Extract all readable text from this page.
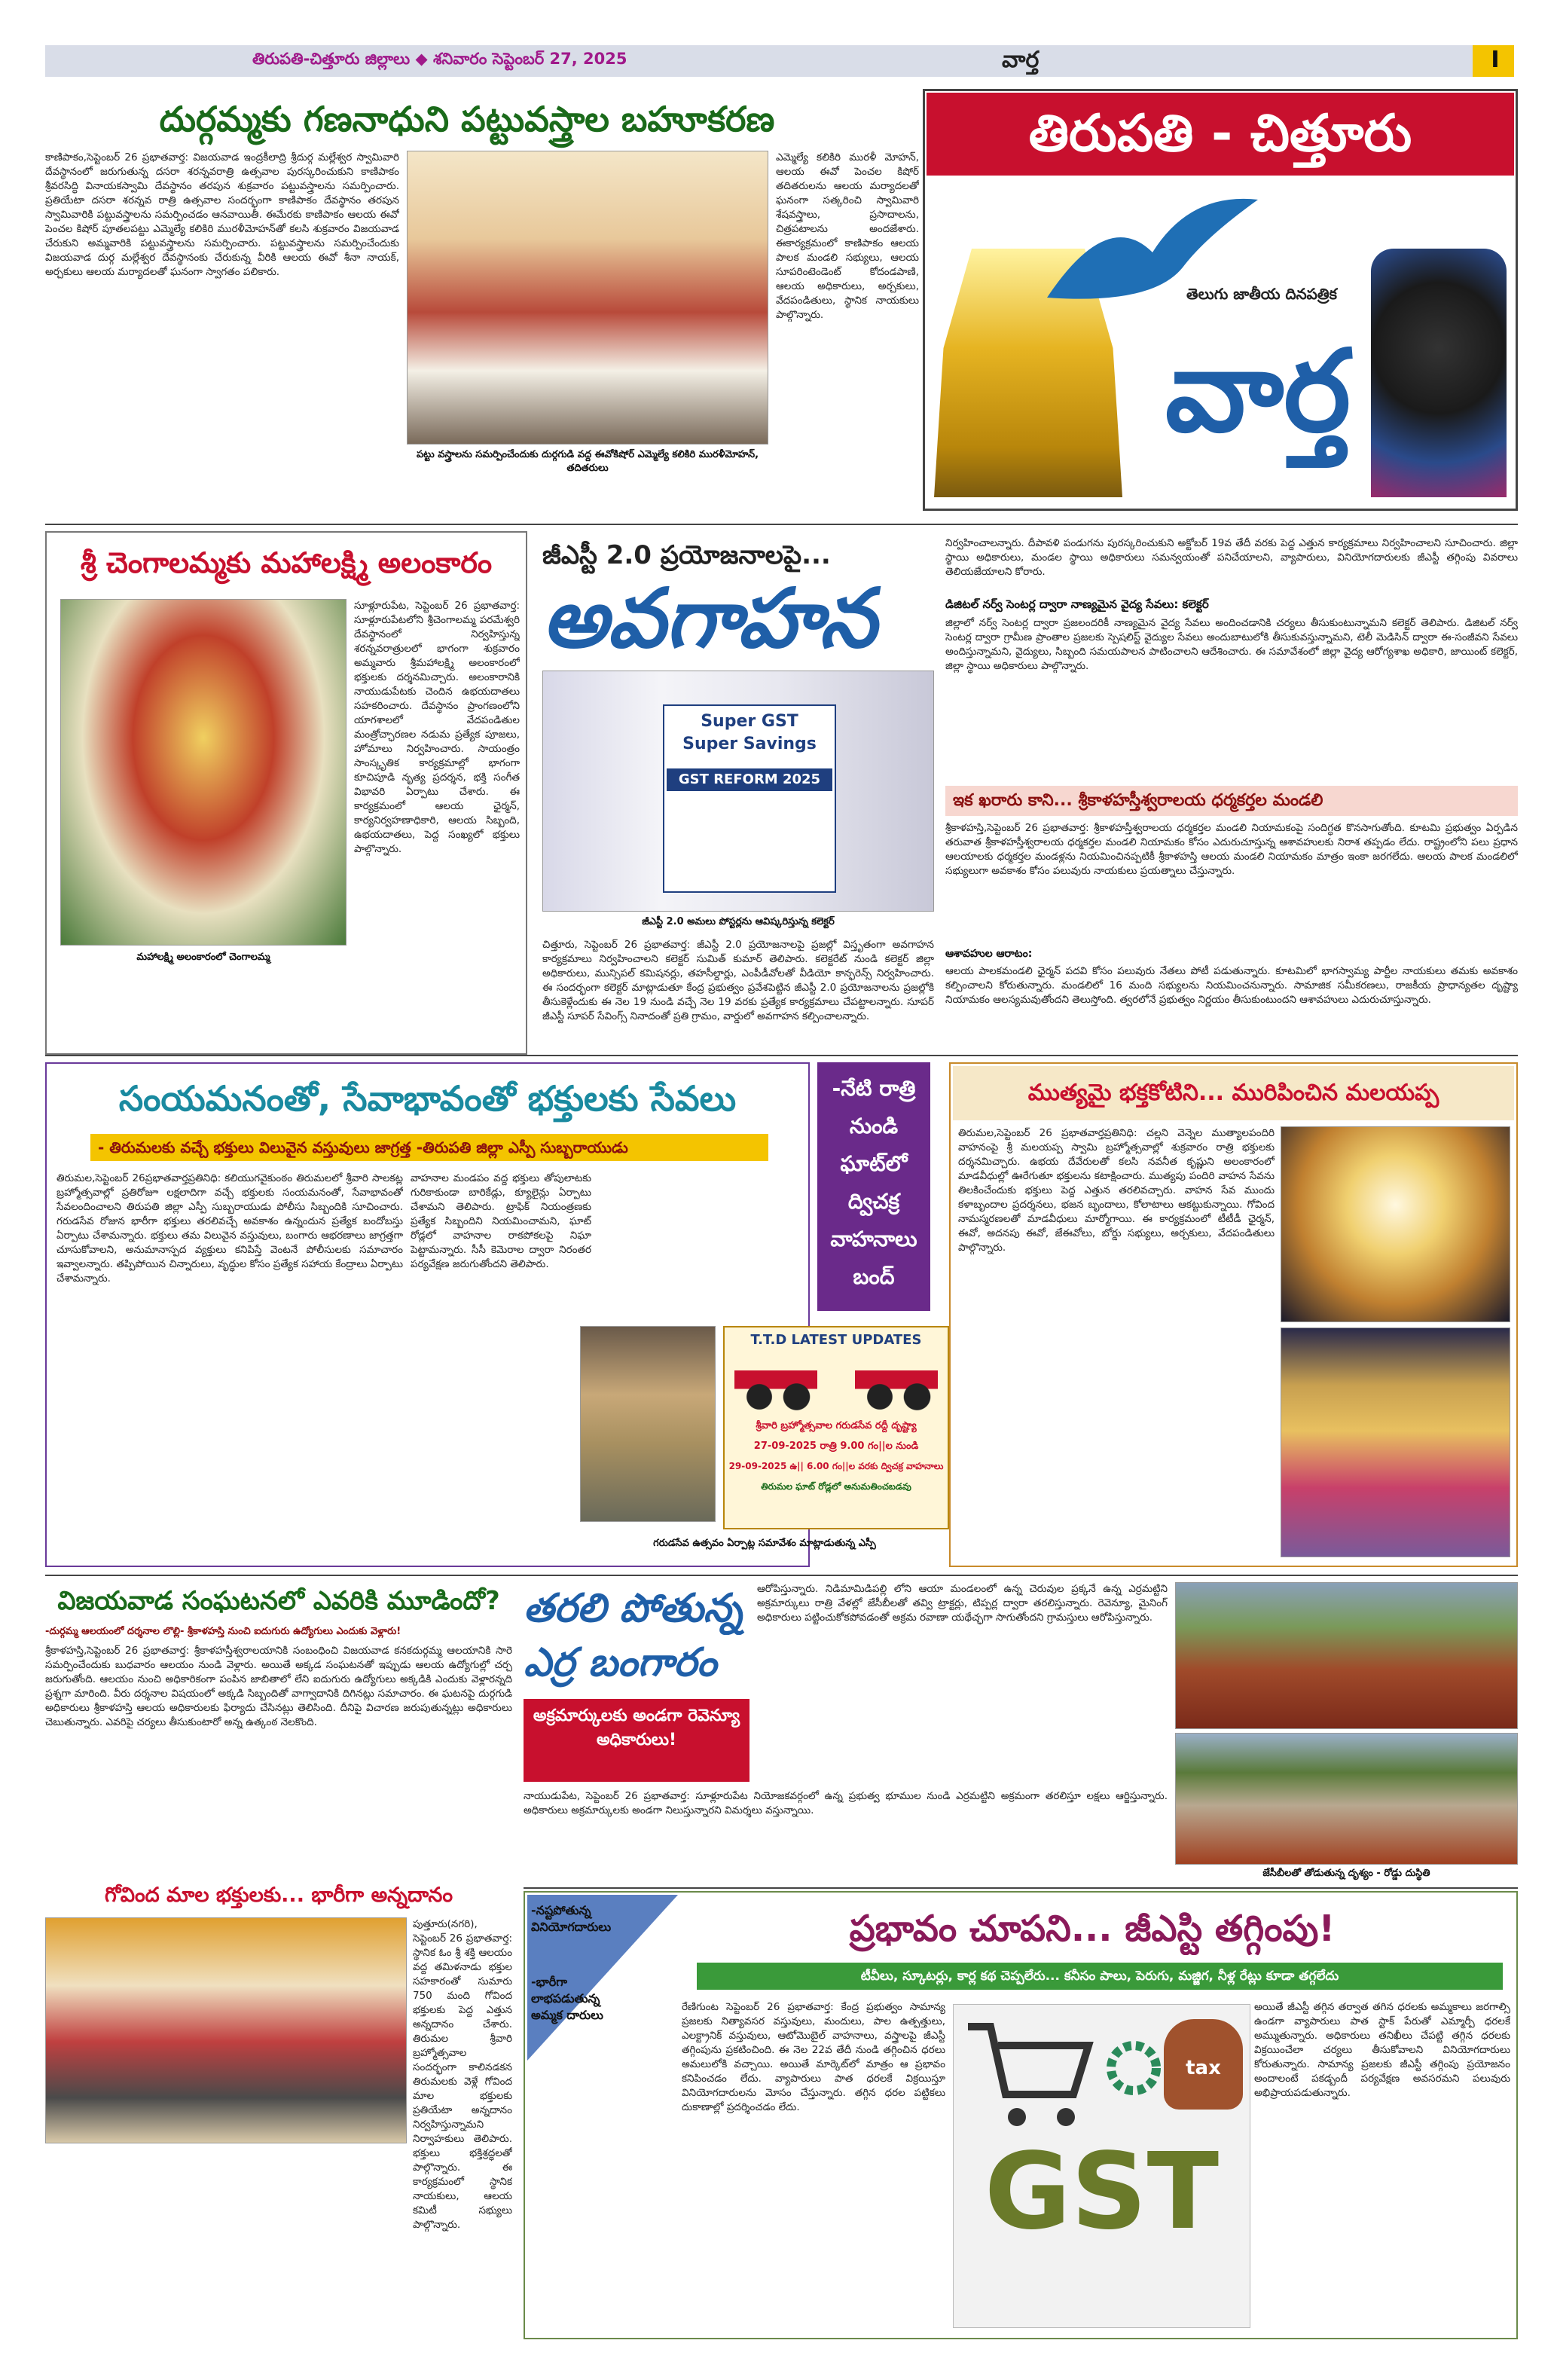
తిరుపతి-చిత్తూరు జిల్లాలు ◆ శనివారం సెప్టెంబర్ 27, 2025	వార్త	I
దుర్గమ్మకు గణనాధుని పట్టువస్త్రాల బహూకరణ
కాణిపాకం,సెప్టెంబర్ 26 ప్రభాతవార్త: విజయవాడ ఇంద్రకీలాద్రి శ్రీదుర్గ మల్లేశ్వర స్వామివారి దేవస్థానంలో జరుగుతున్న దసరా శరన్నవరాత్రి ఉత్సవాల పురస్కరించుకుని కాణిపాకం శ్రీవరసిద్ధి వినాయకస్వామి దేవస్థానం తరపున శుక్రవారం పట్టువస్త్రాలను సమర్పించారు. ప్రతియేటా దసరా శరన్నవ రాత్రి ఉత్సవాల సందర్భంగా కాణిపాకం దేవస్థానం తరపున స్వామివారికి పట్టువస్త్రాలను సమర్పించడం ఆనవాయితీ. ఈమేరకు కాణిపాకం ఆలయ ఈవో పెంచల కిషోర్ పూతలపట్టు ఎమ్మెల్యే కలికిరి మురళీమోహన్‌తో కలసి శుక్రవారం విజయవాడ చేరుకుని అమ్మవారికి పట్టువస్త్రాలను సమర్పించారు. పట్టువస్త్రాలను సమర్పించేందుకు విజయవాడ దుర్గ మల్లేశ్వర దేవస్థానంకు చేరుకున్న వీరికి ఆలయ ఈవో శీనా నాయక్, అర్చకులు ఆలయ మర్యాదలతో ఘనంగా స్వాగతం పలికారు.
పట్టు వస్త్రాలను సమర్పించేందుకు దుర్గగుడి వద్ద ఈవోకిషోర్ ఎమ్మెల్యే కలికిరి మురళీమోహన్, తదితరులు
ఎమ్మెల్యే కలికిరి మురళీ మోహన్, ఆలయ ఈవో పెంచల కిషోర్ తదితరులను ఆలయ మర్యాదలతో ఘనంగా సత్కరించి స్వామివారి శేషవస్త్రాలు, ప్రసాదాలను, చిత్రపటాలను అందజేశారు. ఈకార్యక్రమంలో కాణిపాకం ఆలయ పాలక మండలి సభ్యులు, ఆలయ సూపరింటెండెంట్ కోదండపాణి, ఆలయ అధికారులు, అర్చకులు, వేదపండితులు, స్థానిక నాయకులు పాల్గొన్నారు.
తిరుపతి - చిత్తూరు
తెలుగు జాతీయ దినపత్రిక
వార్త
శ్రీ చెంగాలమ్మకు మహాలక్ష్మి అలంకారం
మహాలక్ష్మి అలంకారంలో చెంగాలమ్మ
సూళ్లూరుపేట, సెప్టెంబర్ 26 ప్రభాతవార్త: సూళ్లూరుపేటలోని శ్రీచెంగాలమ్మ పరమేశ్వరి దేవస్థానంలో నిర్వహిస్తున్న శరన్నవరాత్రులలో భాగంగా శుక్రవారం అమ్మవారు శ్రీమహాలక్ష్మి అలంకారంలో భక్తులకు దర్శనమిచ్చారు. అలంకారానికి నాయుడుపేటకు చెందిన ఉభయదాతలు సహకరించారు. దేవస్థానం ప్రాంగణంలోని యాగశాలలో వేదపండితుల మంత్రోచ్ఛారణల నడుమ ప్రత్యేక పూజలు, హోమాలు నిర్వహించారు. సాయంత్రం సాంస్కృతిక కార్యక్రమాల్లో భాగంగా కూచిపూడి నృత్య ప్రదర్శన, భక్తి సంగీత విభావరి ఏర్పాటు చేశారు. ఈ కార్యక్రమంలో ఆలయ ఛైర్మన్, కార్యనిర్వహణాధికారి, ఆలయ సిబ్బంది, ఉభయదాతలు, పెద్ద సంఖ్యలో భక్తులు పాల్గొన్నారు.
జీఎస్టీ 2.0 ప్రయోజనాలపై...
అవగాహన
Super GST
Super Savings
GST REFORM 2025
జీఎస్టీ 2.0 అమలు పోస్టర్లను ఆవిష్కరిస్తున్న కలెక్టర్
చిత్తూరు, సెప్టెంబర్ 26 ప్రభాతవార్త: జీఎస్టీ 2.0 ప్రయోజనాలపై ప్రజల్లో విస్తృతంగా అవగాహన కార్యక్రమాలు నిర్వహించాలని కలెక్టర్ సుమిత్ కుమార్ తెలిపారు. కలెక్టరేట్ నుండి కలెక్టర్ జిల్లా అధికారులు, మున్సిపల్ కమిషనర్లు, తహసీల్దార్లు, ఎంపీడీవోలతో వీడియో కాన్ఫరెన్స్ నిర్వహించారు. ఈ సందర్భంగా కలెక్టర్ మాట్లాడుతూ కేంద్ర ప్రభుత్వం ప్రవేశపెట్టిన జీఎస్టీ 2.0 ప్రయోజనాలను ప్రజల్లోకి తీసుకెళ్లేందుకు ఈ నెల 19 నుండి వచ్చే నెల 19 వరకు ప్రత్యేక కార్యక్రమాలు చేపట్టాలన్నారు. సూపర్ జీఎస్టీ సూపర్ సేవింగ్స్ నినాదంతో ప్రతి గ్రామం, వార్డులో అవగాహన కల్పించాలన్నారు.
నిర్వహించాలన్నారు. దీపావళి పండుగను పురస్కరించుకుని అక్టోబర్ 19వ తేదీ వరకు పెద్ద ఎత్తున కార్యక్రమాలు నిర్వహించాలని సూచించారు. జిల్లా స్థాయి అధికారులు, మండల స్థాయి అధికారులు సమన్వయంతో పనిచేయాలని, వ్యాపారులు, వినియోగదారులకు జీఎస్టీ తగ్గింపు వివరాలు తెలియజేయాలని కోరారు.
డిజిటల్ నర్వ్ సెంటర్ల ద్వారా నాణ్యమైన వైద్య సేవలు: కలెక్టర్
జిల్లాలో నర్వ్ సెంటర్ల ద్వారా ప్రజలందరికీ నాణ్యమైన వైద్య సేవలు అందించడానికి చర్యలు తీసుకుంటున్నామని కలెక్టర్ తెలిపారు. డిజిటల్ నర్వ్ సెంటర్ల ద్వారా గ్రామీణ ప్రాంతాల ప్రజలకు స్పెషలిస్ట్ వైద్యుల సేవలు అందుబాటులోకి తీసుకువస్తున్నామని, టెలీ మెడిసిన్ ద్వారా ఈ-సంజీవని సేవలు అందిస్తున్నామని, వైద్యులు, సిబ్బంది సమయపాలన పాటించాలని ఆదేశించారు. ఈ సమావేశంలో జిల్లా వైద్య ఆరోగ్యశాఖ అధికారి, జాయింట్ కలెక్టర్, జిల్లా స్థాయి అధికారులు పాల్గొన్నారు.
ఇక ఖరారు కాని... శ్రీకాళహస్తీశ్వరాలయ ధర్మకర్తల మండలి
శ్రీకాళహస్తి,సెప్టెంబర్ 26 ప్రభాతవార్త: శ్రీకాళహస్తీశ్వరాలయ ధర్మకర్తల మండలి నియామకంపై సందిగ్ధత కొనసాగుతోంది. కూటమి ప్రభుత్వం ఏర్పడిన తరువాత శ్రీకాళహస్తీశ్వరాలయ ధర్మకర్తల మండలి నియామకం కోసం ఎదురుచూస్తున్న ఆశావహులకు నిరాశ తప్పడం లేదు. రాష్ట్రంలోని పలు ప్రధాన ఆలయాలకు ధర్మకర్తల మండళ్లను నియమించినప్పటికీ శ్రీకాళహస్తి ఆలయ మండలి నియామకం మాత్రం ఇంకా జరగలేదు. ఆలయ పాలక మండలిలో సభ్యులుగా అవకాశం కోసం పలువురు నాయకులు ప్రయత్నాలు చేస్తున్నారు.
ఆశావహుల ఆరాటం:
ఆలయ పాలకమండలి ఛైర్మన్ పదవి కోసం పలువురు నేతలు పోటీ పడుతున్నారు. కూటమిలో భాగస్వామ్య పార్టీల నాయకులు తమకు అవకాశం కల్పించాలని కోరుతున్నారు. మండలిలో 16 మంది సభ్యులను నియమించనున్నారు. సామాజిక సమీకరణలు, రాజకీయ ప్రాధాన్యతల దృష్ట్యా నియామకం ఆలస్యమవుతోందని తెలుస్తోంది. త్వరలోనే ప్రభుత్వం నిర్ణయం తీసుకుంటుందని ఆశావహులు ఎదురుచూస్తున్నారు.
సంయమనంతో, సేవాభావంతో భక్తులకు సేవలు
- తిరుమలకు వచ్చే భక్తులు విలువైన వస్తువులు జాగ్రత్త -తిరుపతి జిల్లా ఎస్పీ సుబ్బరాయుడు
తిరుమల,సెప్టెంబర్ 26ప్రభాతవార్తప్రతినిధి: కలియుగవైకుంఠం తిరుమలలో శ్రీవారి సాలకట్ల బ్రహ్మోత్సవాల్లో ప్రతిరోజూ లక్షలాదిగా వచ్చే భక్తులకు సంయమనంతో, సేవాభావంతో సేవలందించాలని తిరుపతి జిల్లా ఎస్పీ సుబ్బరాయుడు పోలీసు సిబ్బందికి సూచించారు. గరుడసేవ రోజున భారీగా భక్తులు తరలివచ్చే అవకాశం ఉన్నందున ప్రత్యేక బందోబస్తు ఏర్పాటు చేశామన్నారు. భక్తులు తమ విలువైన వస్తువులు, బంగారు ఆభరణాలు జాగ్రత్తగా చూసుకోవాలని, అనుమానాస్పద వ్యక్తులు కనిపిస్తే వెంటనే పోలీసులకు సమాచారం ఇవ్వాలన్నారు. తప్పిపోయిన చిన్నారులు, వృద్ధుల కోసం ప్రత్యేక సహాయ కేంద్రాలు ఏర్పాటు చేశామన్నారు.
వాహనాల మండపం వద్ద భక్తులు తోపులాటకు గురికాకుండా బారికేడ్లు, క్యూలైన్లు ఏర్పాటు చేశామని తెలిపారు. ట్రాఫిక్ నియంత్రణకు ప్రత్యేక సిబ్బందిని నియమించామని, ఘాట్ రోడ్లలో వాహనాల రాకపోకలపై నిఘా పెట్టామన్నారు. సీసీ కెమెరాల ద్వారా నిరంతర పర్యవేక్షణ జరుగుతోందని తెలిపారు.
T.T.D LATEST UPDATES
శ్రీవారి బ్రహ్మోత్సవాల గరుడసేవ రద్దీ దృష్ట్యా
27-09-2025 రాత్రి 9.00 గం||ల నుండి
29-09-2025 ఉ|| 6.00 గం||ల వరకు ద్విచక్ర వాహనాలు
తిరుమల ఘాట్ రోడ్లలో అనుమతించబడవు
గరుడసేవ ఉత్సవం ఏర్పాట్ల సమావేశం మాట్లాడుతున్న ఎస్పీ
-నేటి రాత్రి
నుండి
ఘాట్‌లో
ద్విచక్ర
వాహనాలు
బంద్
ముత్యమై భక్తకోటిని... మురిపించిన మలయప్ప
తిరుమల,సెప్టెంబర్ 26 ప్రభాతవార్తప్రతినిధి: చల్లని వెన్నెల ముత్యాలపందిరి వాహనంపై శ్రీ మలయప్ప స్వామి బ్రహ్మోత్సవాల్లో శుక్రవారం రాత్రి భక్తులకు దర్శనమిచ్చారు. ఉభయ దేవేరులతో కలసి నవనీత కృష్ణుని అలంకారంలో మాడవీధుల్లో ఊరేగుతూ భక్తులను కటాక్షించారు. ముత్యపు పందిరి వాహన సేవను తిలకించేందుకు భక్తులు పెద్ద ఎత్తున తరలివచ్చారు. వాహన సేవ ముందు కళాబృందాల ప్రదర్శనలు, భజన బృందాలు, కోలాటాలు ఆకట్టుకున్నాయి. గోవింద నామస్మరణలతో మాడవీధులు మార్మోగాయి. ఈ కార్యక్రమంలో టీటీడీ ఛైర్మన్, ఈవో, అదనపు ఈవో, జేఈవోలు, బోర్డు సభ్యులు, అర్చకులు, వేదపండితులు పాల్గొన్నారు.
విజయవాడ సంఘటనలో ఎవరికి మూడిందో?
-దుర్గమ్మ ఆలయంలో దర్శనాల లొల్లి- శ్రీకాళహస్తి నుంచి ఐదుగురు ఉద్యోగులు ఎందుకు వెళ్లారు!
శ్రీకాళహస్తి,సెప్టెంబర్ 26 ప్రభాతవార్త: శ్రీకాళహస్తీశ్వరాలయానికి సంబంధించి విజయవాడ కనకదుర్గమ్మ ఆలయానికి సారె సమర్పించేందుకు బుధవారం ఆలయం నుండి వెళ్లారు. అయితే అక్కడ సంఘటనతో ఇప్పుడు ఆలయ ఉద్యోగుల్లో చర్చ జరుగుతోంది. ఆలయం నుంచి అధికారికంగా పంపిన జాబితాలో లేని ఐదుగురు ఉద్యోగులు అక్కడికి ఎందుకు వెళ్లారన్నది ప్రశ్నగా మారింది. వీరు దర్శనాల విషయంలో అక్కడి సిబ్బందితో వాగ్వాదానికి దిగినట్లు సమాచారం. ఈ ఘటనపై దుర్గగుడి అధికారులు శ్రీకాళహస్తి ఆలయ అధికారులకు ఫిర్యాదు చేసినట్లు తెలిసింది. దీనిపై విచారణ జరుపుతున్నట్లు అధికారులు చెబుతున్నారు. ఎవరిపై చర్యలు తీసుకుంటారో అన్న ఉత్కంఠ నెలకొంది.
గోవింద మాల భక్తులకు... భారీగా అన్నదానం
పుత్తూరు(నగరి), సెప్టెంబర్ 26 ప్రభాతవార్త: స్థానిక ఓం శ్రీ శక్తి ఆలయం వద్ద తమిళనాడు భక్తుల సహకారంతో సుమారు 750 మంది గోవింద భక్తులకు పెద్ద ఎత్తున అన్నదానం చేశారు. తిరుమల శ్రీవారి బ్రహ్మోత్సవాల సందర్భంగా కాలినడకన తిరుమలకు వెళ్లే గోవింద మాల భక్తులకు ప్రతియేటా అన్నదానం నిర్వహిస్తున్నామని నిర్వాహకులు తెలిపారు. భక్తులు భక్తిశ్రద్ధలతో పాల్గొన్నారు. ఈ కార్యక్రమంలో స్థానిక నాయకులు, ఆలయ కమిటీ సభ్యులు పాల్గొన్నారు.
తరలి పోతున్న
ఎర్ర బంగారం
అక్రమార్కులకు అండగా రెవెన్యూ అధికారులు!
ఆరోపిస్తున్నారు. నిడిమామిడిపల్లి లోని ఆయా మండలంలో ఉన్న చెరువుల ప్రక్కనే ఉన్న ఎర్రమట్టిని అక్రమార్కులు రాత్రి వేళల్లో జేసీబీలతో తవ్వి ట్రాక్టర్లు, టిప్పర్ల ద్వారా తరలిస్తున్నారు. రెవెన్యూ, మైనింగ్ అధికారులు పట్టించుకోకపోవడంతో అక్రమ రవాణా యథేచ్ఛగా సాగుతోందని గ్రామస్తులు ఆరోపిస్తున్నారు.
నాయుడుపేట, సెప్టెంబర్ 26 ప్రభాతవార్త: సూళ్లూరుపేట నియోజకవర్గంలో ఉన్న ప్రభుత్వ భూముల నుండి ఎర్రమట్టిని అక్రమంగా తరలిస్తూ లక్షలు ఆర్జిస్తున్నారు. అధికారులు అక్రమార్కులకు అండగా నిలుస్తున్నారని విమర్శలు వస్తున్నాయి.
జేసీబీలతో తోడుతున్న దృశ్యం - రోడ్డు దుస్థితి
-నష్టపోతున్న వినియోగదారులు
-భారీగా లాభపడుతున్న అమ్మక దారులు
ప్రభావం చూపని... జీఎస్టి తగ్గింపు!
టీవీలు, స్కూటర్లు, కార్ల కథ చెప్పలేరు... కనీసం పాలు, పెరుగు, మజ్జిగ, నీళ్ల రేట్లు కూడా తగ్గలేదు
రేణిగుంట సెప్టెంబర్ 26 ప్రభాతవార్త: కేంద్ర ప్రభుత్వం సామాన్య ప్రజలకు నిత్యావసర వస్తువులు, మందులు, పాల ఉత్పత్తులు, ఎలక్ట్రానిక్ వస్తువులు, ఆటోమొబైల్ వాహనాలు, వస్త్రాలపై జీఎస్టీ తగ్గింపును ప్రకటించింది. ఈ నెల 22వ తేదీ నుండి తగ్గించిన ధరలు అమలులోకి వచ్చాయి. అయితే మార్కెట్‌లో మాత్రం ఆ ప్రభావం కనిపించడం లేదు. వ్యాపారులు పాత ధరలకే విక్రయిస్తూ వినియోగదారులను మోసం చేస్తున్నారు. తగ్గిన ధరల పట్టికలు దుకాణాల్లో ప్రదర్శించడం లేదు.
tax
GST
అయితే జీఎస్టీ తగ్గిన తర్వాత తగిన ధరలకు అమ్మకాలు జరగాల్సి ఉండగా వ్యాపారులు పాత స్టాక్ పేరుతో ఎమ్మార్పీ ధరలకే అమ్ముతున్నారు. అధికారులు తనిఖీలు చేపట్టి తగ్గిన ధరలకు విక్రయించేలా చర్యలు తీసుకోవాలని వినియోగదారులు కోరుతున్నారు. సామాన్య ప్రజలకు జీఎస్టీ తగ్గింపు ప్రయోజనం అందాలంటే పకడ్బందీ పర్యవేక్షణ అవసరమని పలువురు అభిప్రాయపడుతున్నారు.
